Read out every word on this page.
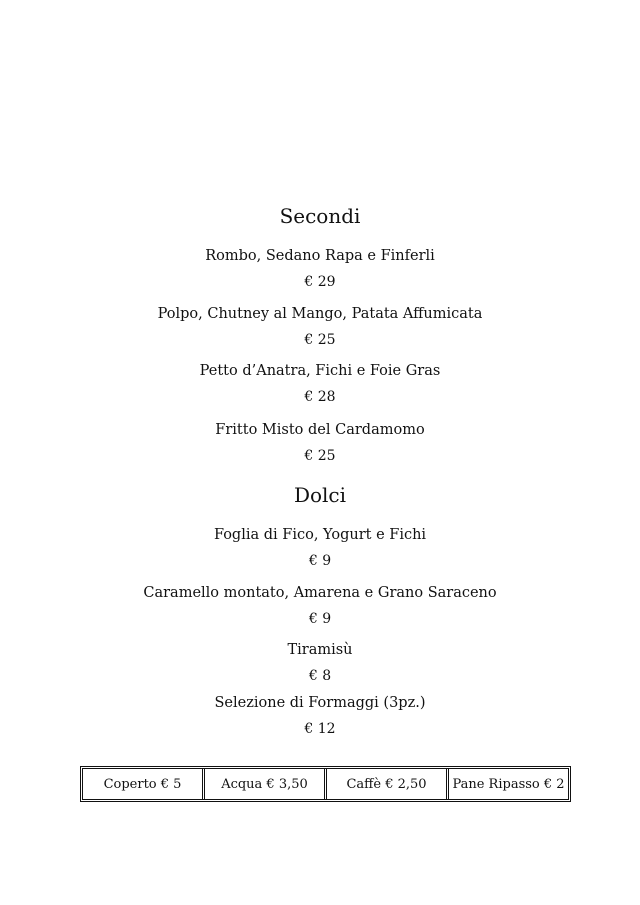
Secondi
Rombo, Sedano Rapa e Finferli
€ 29
Polpo, Chutney al Mango, Patata Affumicata
€ 25
Petto d’Anatra, Fichi e Foie Gras
€ 28
Fritto Misto del Cardamomo
€ 25
Dolci
Foglia di Fico, Yogurt e Fichi
€ 9
Caramello montato, Amarena e Grano Saraceno
€ 9
Tiramisù
€ 8
Selezione di Formaggi (3pz.)
€ 12
Coperto € 5	Acqua € 3,50	Caffè € 2,50	Pane Ripasso € 2
